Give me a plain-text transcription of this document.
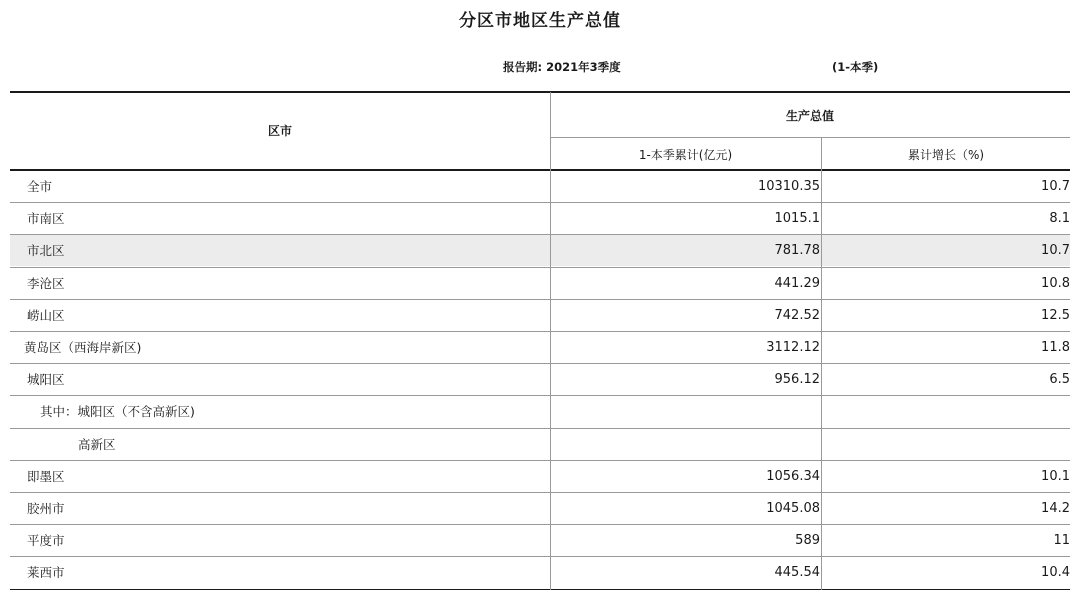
分区市地区生产总值
报告期: 2021年3季度	(1-本季)
区市
生产总值
1-本季累计(亿元)	累计增长（%)
全市	10310.35	10.7
市南区	1015.1	8.1
市北区	781.78	10.7
李沧区	441.29	10.8
崂山区	742.52	12.5
黄岛区（西海岸新区)	3112.12	11.8
城阳区	956.12	6.5
其中：城阳区（不含高新区)
高新区
即墨区	1056.34	10.1
胶州市	1045.08	14.2
平度市	589	11
莱西市	445.54	10.4
